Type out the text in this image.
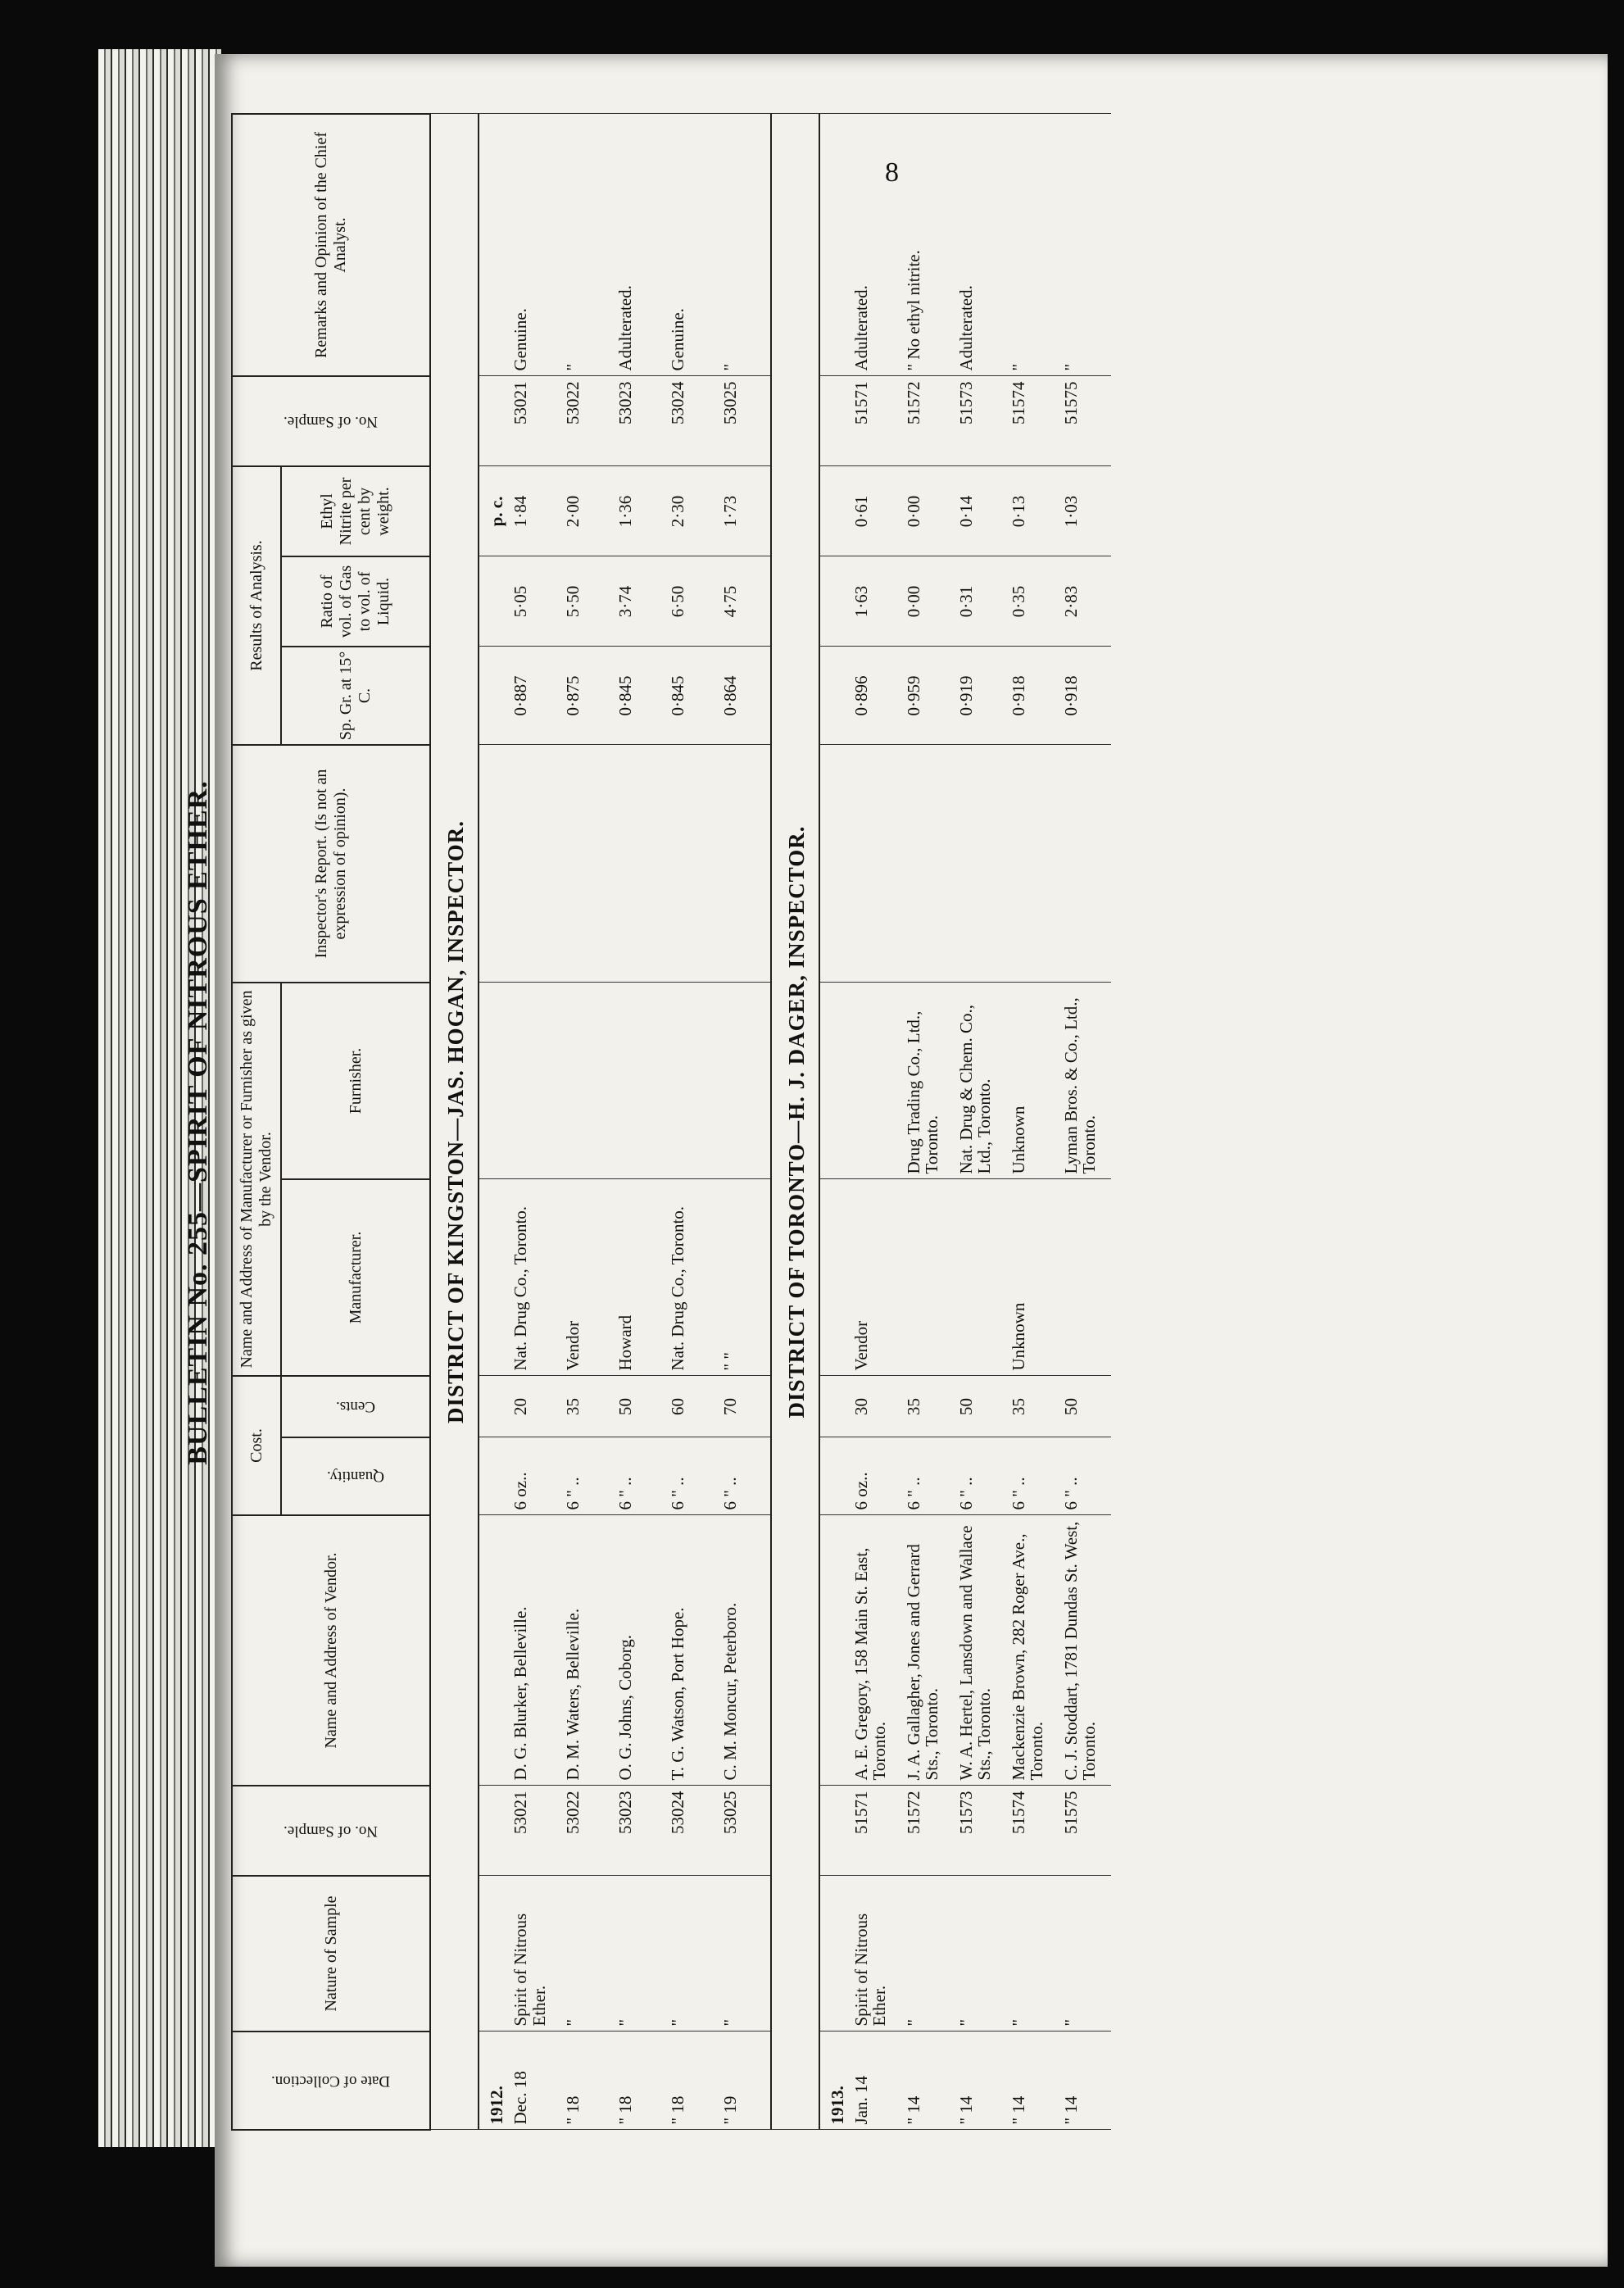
8
BULLETIN No. 255—SPIRIT OF NITROUS ETHER.
Date of Collection.	Nature of Sample	No. of Sample.	Name and Address of Vendor.	Cost.		Name and Address of Manufacturer or Furnisher as given by the Vendor.		Inspector's Report. (Is not an expression of opinion).	Results of Analysis.			No. of Sample.	Remarks and Opinion of the Chief Analyst.

				Quantity.	Cents.	Manufacturer.	Furnisher.		Sp. Gr. at 15° C.	Ratio of vol. of Gas to vol. of Liquid.	Ethyl Nitrite per cent by weight.		
DISTRICT OF KINGSTON—JAS. HOGAN, INSPECTOR.													
1912.											p. c.		
Dec. 18	Spirit of Nitrous Ether.	53021	D. G. Blurker, Belleville.	6 oz..	20	Nat. Drug Co., Toronto.			0·887	5·05	1·84	53021	Genuine.
" 18	"	53022	D. M. Waters, Belleville.	6 " ..	35	Vendor			0·875	5·50	2·00	53022	"
" 18	"	53023	O. G. Johns, Coborg.	6 " ..	50	Howard			0·845	3·74	1·36	53023	Adulterated.
" 18	"	53024	T. G. Watson, Port Hope.	6 " ..	60	Nat. Drug Co., Toronto.			0·845	6·50	2·30	53024	Genuine.
" 19	"	53025	C. M. Moncur, Peterboro.	6 " ..	70	" "			0·864	4·75	1·73	53025	"
DISTRICT OF TORONTO—H. J. DAGER, INSPECTOR.													
1913.													
Jan. 14	Spirit of Nitrous Ether.	51571	A. E. Gregory, 158 Main St. East, Toronto.	6 oz..	30	Vendor			0·896	1·63	0·61	51571	Adulterated.
" 14	"	51572	J. A. Gallagher, Jones and Gerrard Sts., Toronto.	6 " ..	35		Drug Trading Co., Ltd., Toronto.		0·959	0·00	0·00	51572	" No ethyl nitrite.
" 14	"	51573	W. A. Hertel, Lansdown and Wallace Sts., Toronto.	6 " ..	50		Nat. Drug & Chem. Co., Ltd., Toronto.		0·919	0·31	0·14	51573	Adulterated.
" 14	"	51574	Mackenzie Brown, 282 Roger Ave., Toronto.	6 " ..	35	Unknown	Unknown		0·918	0·35	0·13	51574	"
" 14	"	51575	C. J. Stoddart, 1781 Dundas St. West, Toronto.	6 " ..	50		Lyman Bros. & Co., Ltd., Toronto.		0·918	2·83	1·03	51575	"
